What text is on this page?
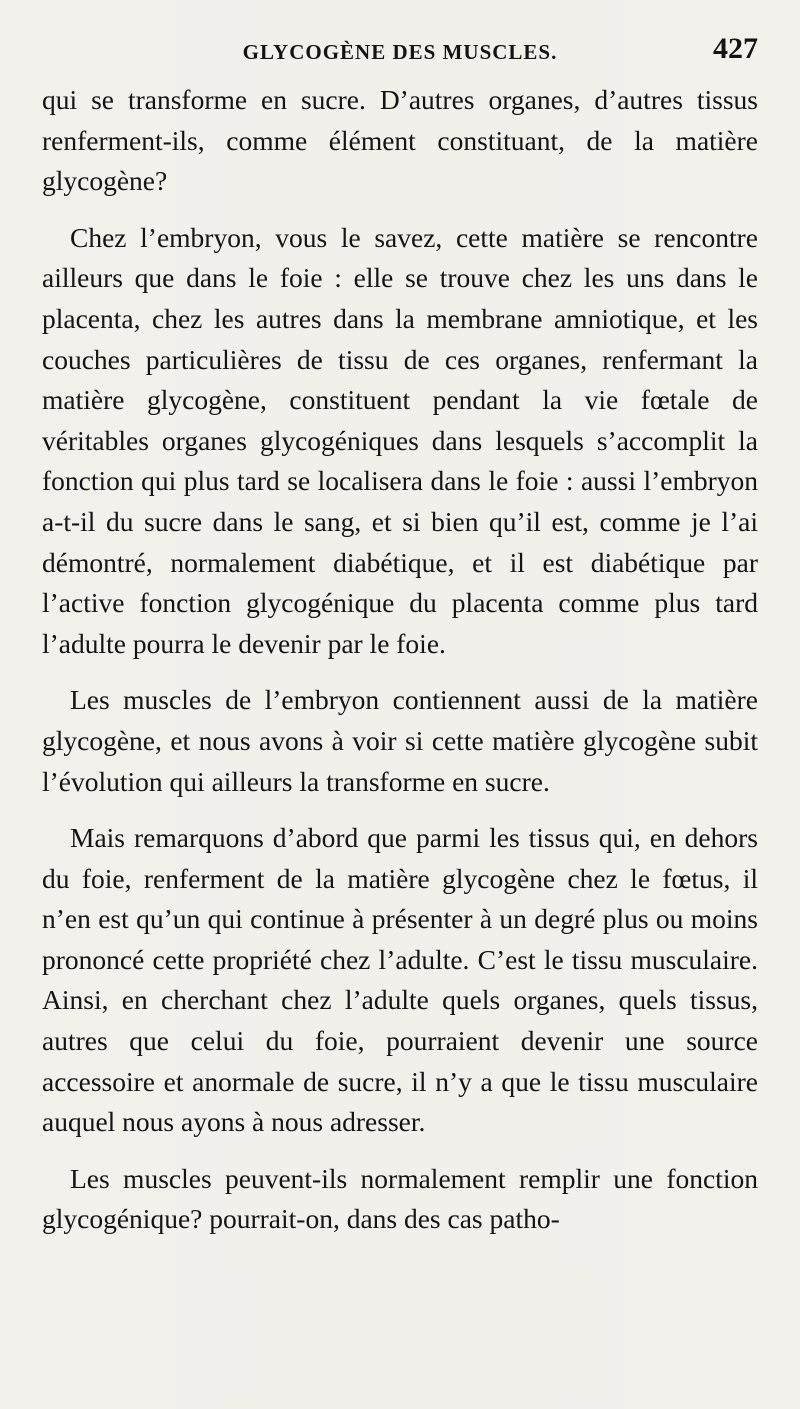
GLYCOGÈNE DES MUSCLES.	427

qui se transforme en sucre. D’autres organes, d’autres tissus renferment-ils, comme élément constituant, de la matière glycogène?

Chez l’embryon, vous le savez, cette matière se rencontre ailleurs que dans le foie : elle se trouve chez les uns dans le placenta, chez les autres dans la membrane amniotique, et les couches particulières de tissu de ces organes, renfermant la matière glycogène, constituent pendant la vie fœtale de véritables organes glycogéniques dans lesquels s’accomplit la fonction qui plus tard se localisera dans le foie : aussi l’embryon a-t-il du sucre dans le sang, et si bien qu’il est, comme je l’ai démontré, normalement diabétique, et il est diabétique par l’active fonction glycogénique du placenta comme plus tard l’adulte pourra le devenir par le foie.

Les muscles de l’embryon contiennent aussi de la matière glycogène, et nous avons à voir si cette matière glycogène subit l’évolution qui ailleurs la transforme en sucre.

Mais remarquons d’abord que parmi les tissus qui, en dehors du foie, renferment de la matière glycogène chez le fœtus, il n’en est qu’un qui continue à présenter à un degré plus ou moins prononcé cette propriété chez l’adulte. C’est le tissu musculaire. Ainsi, en cherchant chez l’adulte quels organes, quels tissus, autres que celui du foie, pourraient devenir une source accessoire et anormale de sucre, il n’y a que le tissu musculaire auquel nous ayons à nous adresser.

Les muscles peuvent-ils normalement remplir une fonction glycogénique? pourrait-on, dans des cas patho-
